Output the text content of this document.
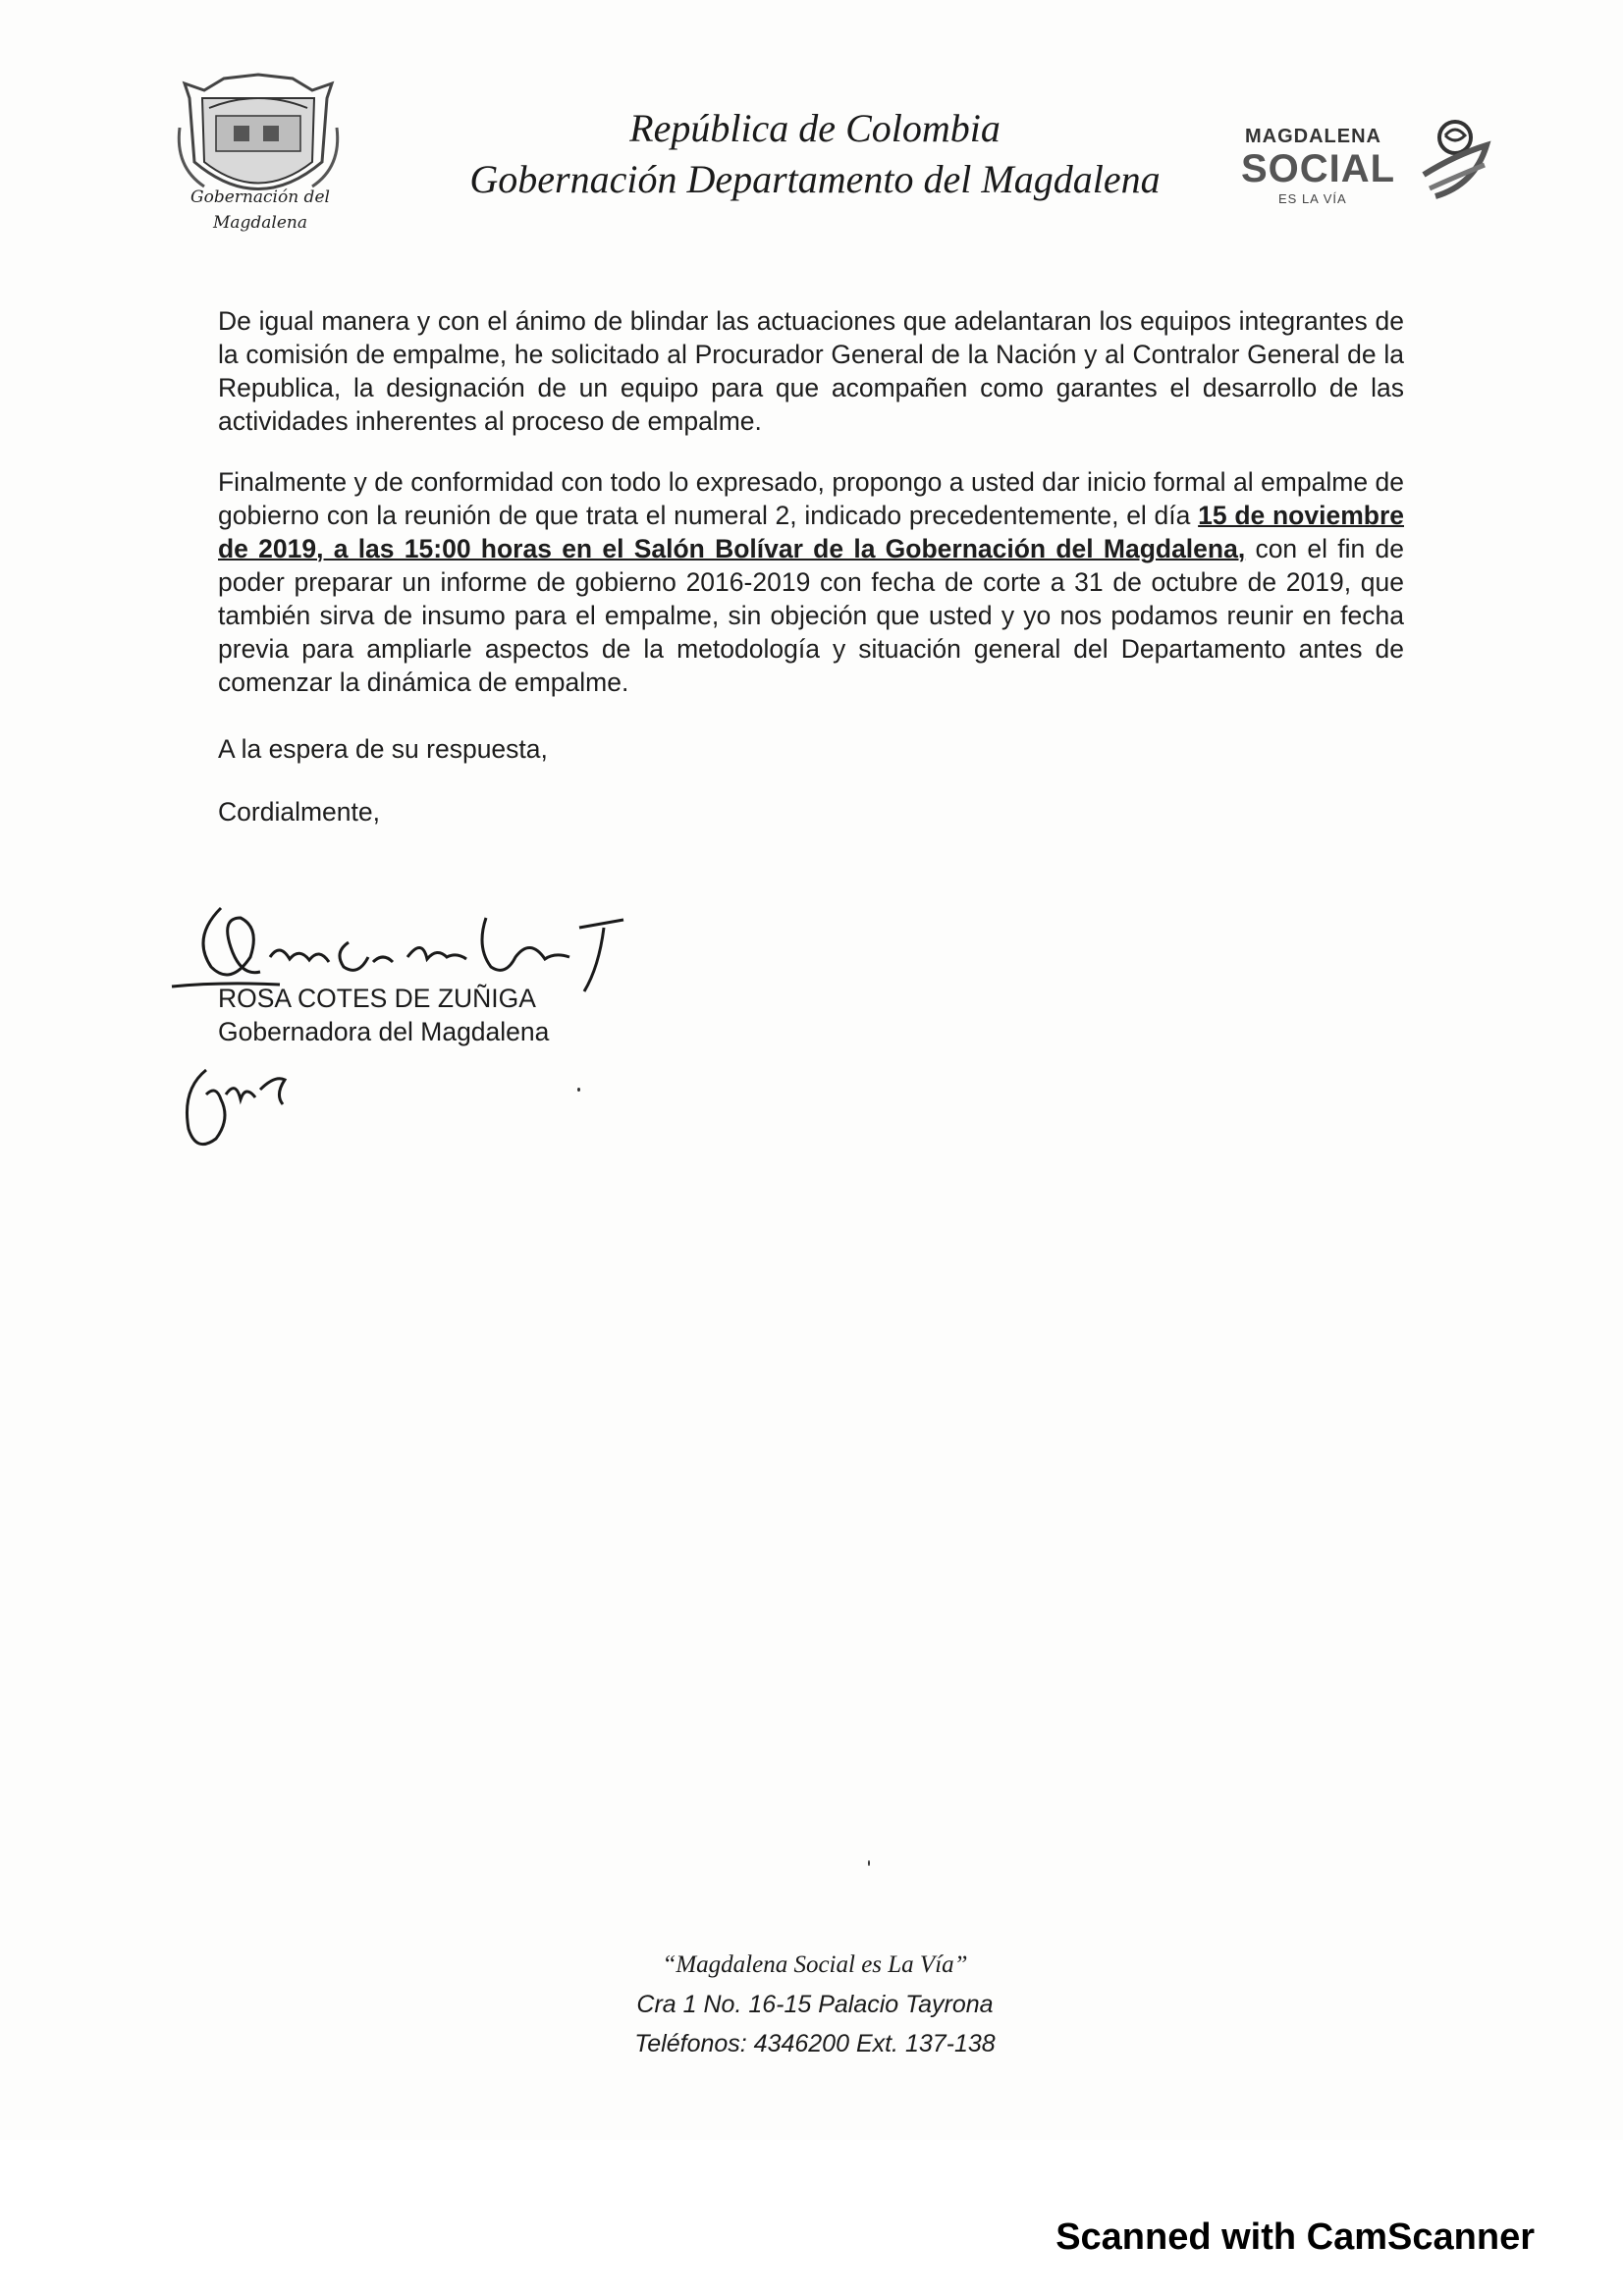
Gobernación del
Magdalena
República de Colombia
Gobernación Departamento del Magdalena
MAGDALENA
SOCIAL
ES LA VÍA

De igual manera y con el ánimo de blindar las actuaciones que adelantaran los equipos integrantes de la comisión de empalme, he solicitado al Procurador General de la Nación y al Contralor General de la Republica, la designación de un equipo para que acompañen como garantes el desarrollo de las actividades inherentes al proceso de empalme.

Finalmente y de conformidad con todo lo expresado, propongo a usted dar inicio formal al empalme de gobierno con la reunión de que trata el numeral 2, indicado precedentemente, el día 15 de noviembre de 2019, a las 15:00 horas en el Salón Bolívar de la Gobernación del Magdalena, con el fin de poder preparar un informe de gobierno 2016-2019 con fecha de corte a 31 de octubre de 2019, que también sirva de insumo para el empalme, sin objeción que usted y yo nos podamos reunir en fecha previa para ampliarle aspectos de la metodología y situación general del Departamento antes de comenzar la dinámica de empalme.

A la espera de su respuesta,

Cordialmente,

ROSA COTES DE ZUÑIGA
Gobernadora del Magdalena
“Magdalena Social es La Vía”
Cra 1 No. 16-15 Palacio Tayrona
Teléfonos: 4346200 Ext. 137-138
Scanned with CamScanner
